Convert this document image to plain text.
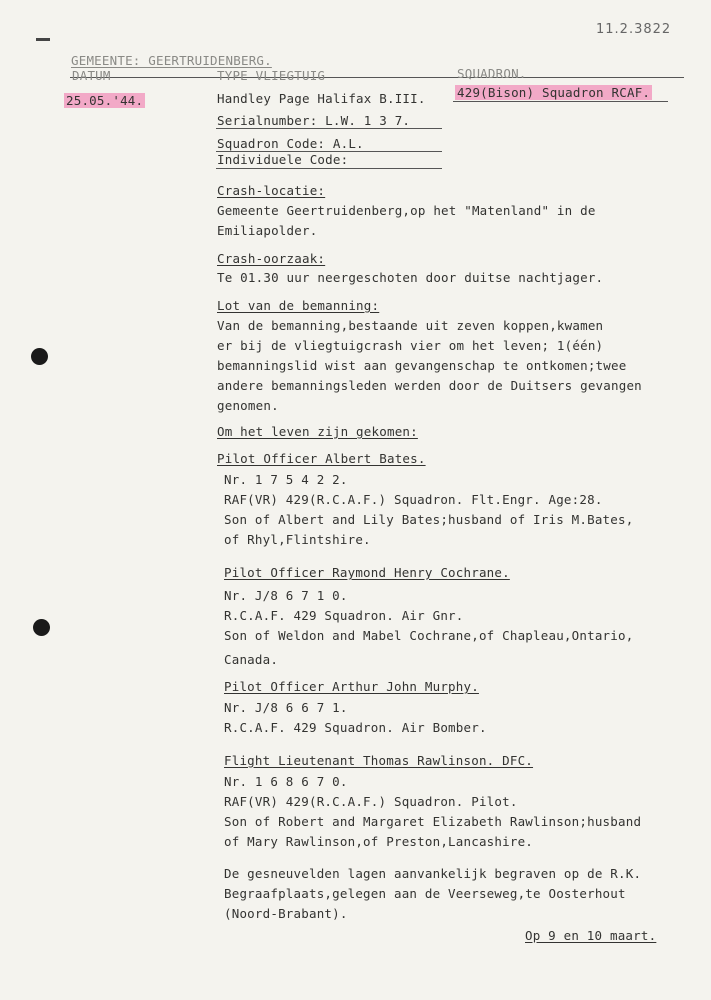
11.2.3822
GEMEENTE: GEERTRUIDENBERG.
DATUM	TYPE VLIEGTUIG	SQUADRON.
25.05.'44.	Handley Page Halifax B.III.	429(Bison) Squadron RCAF.
Serialnumber: L.W. 1 3 7.
Squadron Code: A.L.
Individuele Code:
Crash-locatie:
Gemeente Geertruidenberg,op het "Matenland" in de
Emiliapolder.
Crash-oorzaak:
Te 01.30 uur neergeschoten door duitse nachtjager.
Lot van de bemanning:
Van de bemanning,bestaande uit zeven koppen,kwamen
er bij de vliegtuigcrash vier om het leven; 1(één)
bemanningslid wist aan gevangenschap te ontkomen;twee
andere bemanningsleden werden door de Duitsers gevangen
genomen.
Om het leven zijn gekomen:
Pilot Officer Albert Bates.
Nr. 1 7 5 4 2 2.
RAF(VR) 429(R.C.A.F.) Squadron. Flt.Engr. Age:28.
Son of Albert and Lily Bates;husband of Iris M.Bates,
of Rhyl,Flintshire.
Pilot Officer Raymond Henry Cochrane.
Nr. J/8 6 7 1 0.
R.C.A.F. 429 Squadron. Air Gnr.
Son of Weldon and Mabel Cochrane,of Chapleau,Ontario,
Canada.
Pilot Officer Arthur John Murphy.
Nr. J/8 6 6 7 1.
R.C.A.F. 429 Squadron. Air Bomber.
Flight Lieutenant Thomas Rawlinson. DFC.
Nr. 1 6 8 6 7 0.
RAF(VR) 429(R.C.A.F.) Squadron. Pilot.
Son of Robert and Margaret Elizabeth Rawlinson;husband
of Mary Rawlinson,of Preston,Lancashire.
De gesneuvelden lagen aanvankelijk begraven op de R.K.
Begraafplaats,gelegen aan de Veerseweg,te Oosterhout
(Noord-Brabant).
Op 9 en 10 maart.
